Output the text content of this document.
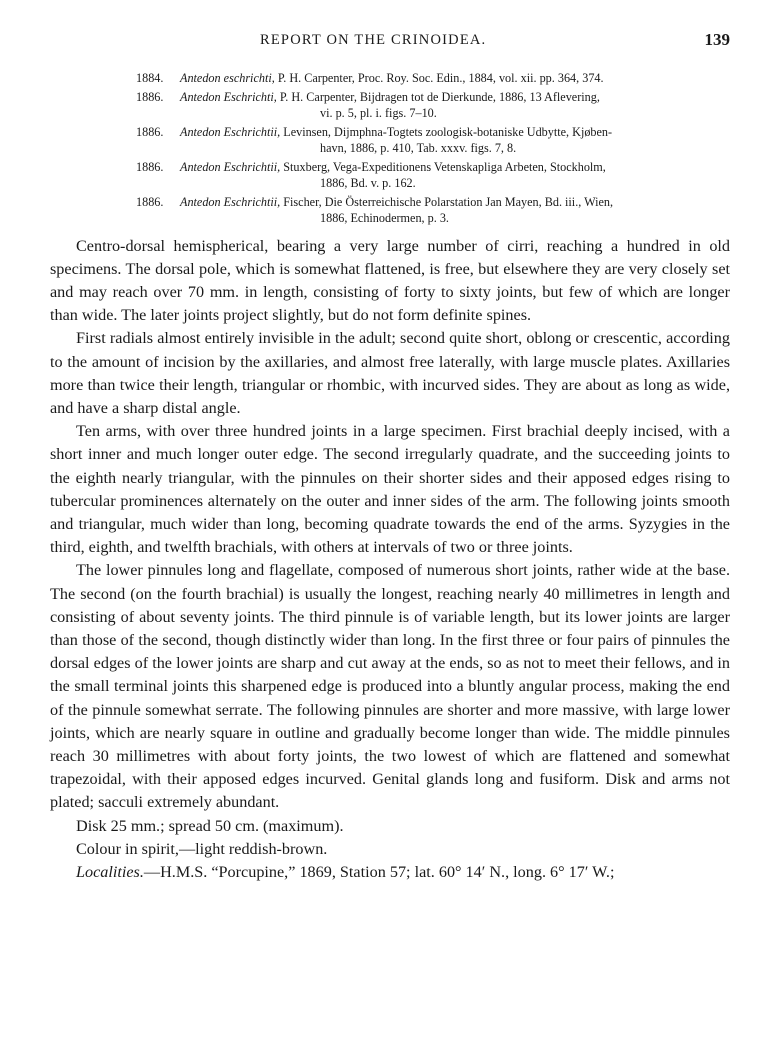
REPORT ON THE CRINOIDEA.	139
1884. Antedon eschrichti, P. H. Carpenter, Proc. Roy. Soc. Edin., 1884, vol. xii. pp. 364, 374.
1886. Antedon Eschrichti, P. H. Carpenter, Bijdragen tot de Dierkunde, 1886, 13 Aflevering,
vi. p. 5, pl. i. figs. 7–10.
1886. Antedon Eschrichtii, Levinsen, Dijmphna-Togtets zoologisk-botaniske Udbytte, Kjøben-
havn, 1886, p. 410, Tab. xxxv. figs. 7, 8.
1886. Antedon Eschrichtii, Stuxberg, Vega-Expeditionens Vetenskapliga Arbeten, Stockholm,
1886, Bd. v. p. 162.
1886. Antedon Eschrichtii, Fischer, Die Österreichische Polarstation Jan Mayen, Bd. iii., Wien,
1886, Echinodermen, p. 3.

Centro-dorsal hemispherical, bearing a very large number of cirri, reaching a hundred in old specimens. The dorsal pole, which is somewhat flattened, is free, but elsewhere they are very closely set and may reach over 70 mm. in length, consisting of forty to sixty joints, but few of which are longer than wide. The later joints project slightly, but do not form definite spines.

First radials almost entirely invisible in the adult; second quite short, oblong or crescentic, according to the amount of incision by the axillaries, and almost free laterally, with large muscle plates. Axillaries more than twice their length, triangular or rhombic, with incurved sides. They are about as long as wide, and have a sharp distal angle.

Ten arms, with over three hundred joints in a large specimen. First brachial deeply incised, with a short inner and much longer outer edge. The second irregularly quadrate, and the succeeding joints to the eighth nearly triangular, with the pinnules on their shorter sides and their apposed edges rising to tubercular prominences alternately on the outer and inner sides of the arm. The following joints smooth and triangular, much wider than long, becoming quadrate towards the end of the arms. Syzygies in the third, eighth, and twelfth brachials, with others at intervals of two or three joints.

The lower pinnules long and flagellate, composed of numerous short joints, rather wide at the base. The second (on the fourth brachial) is usually the longest, reaching nearly 40 millimetres in length and consisting of about seventy joints. The third pinnule is of variable length, but its lower joints are larger than those of the second, though distinctly wider than long. In the first three or four pairs of pinnules the dorsal edges of the lower joints are sharp and cut away at the ends, so as not to meet their fellows, and in the small terminal joints this sharpened edge is produced into a bluntly angular process, making the end of the pinnule somewhat serrate. The following pinnules are shorter and more massive, with large lower joints, which are nearly square in outline and gradually become longer than wide. The middle pinnules reach 30 millimetres with about forty joints, the two lowest of which are flattened and somewhat trapezoidal, with their apposed edges incurved. Genital glands long and fusiform. Disk and arms not plated; sacculi extremely abundant.

Disk 25 mm.; spread 50 cm. (maximum).

Colour in spirit,—light reddish-brown.

Localities.—H.M.S. “Porcupine,” 1869, Station 57; lat. 60° 14′ N., long. 6° 17′ W.;
